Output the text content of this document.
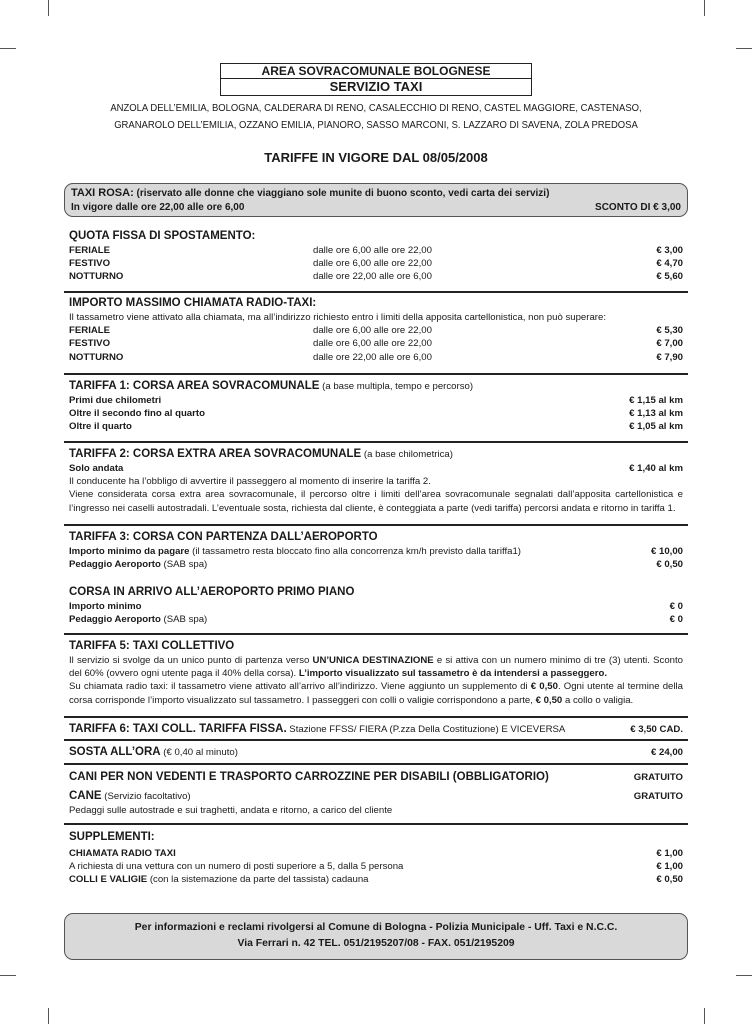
AREA SOVRACOMUNALE BOLOGNESE
SERVIZIO TAXI
ANZOLA DELL’EMILIA, BOLOGNA, CALDERARA DI RENO, CASALECCHIO DI RENO, CASTEL MAGGIORE, CASTENASO,
GRANAROLO DELL’EMILIA, OZZANO EMILIA, PIANORO, SASSO MARCONI, S. LAZZARO DI SAVENA, ZOLA PREDOSA
TARIFFE IN VIGORE DAL 08/05/2008
TAXI ROSA: (riservato alle donne che viaggiano sole munite di buono sconto, vedi carta dei servizi)
In vigore dalle ore 22,00 alle ore 6,00	SCONTO DI € 3,00
QUOTA FISSA DI SPOSTAMENTO:
FERIALE	dalle ore 6,00 alle ore 22,00	€ 3,00
FESTIVO	dalle ore 6,00 alle ore 22,00	€ 4,70
NOTTURNO	dalle ore 22,00 alle ore 6,00	€ 5,60
IMPORTO MASSIMO CHIAMATA RADIO-TAXI:
Il tassametro viene attivato alla chiamata, ma all’indirizzo richiesto entro i limiti della apposita cartellonistica, non può superare:
FERIALE	dalle ore 6,00 alle ore 22,00	€ 5,30
FESTIVO	dalle ore 6,00 alle ore 22,00	€ 7,00
NOTTURNO	dalle ore 22,00 alle ore 6,00	€ 7,90
TARIFFA 1: CORSA AREA SOVRACOMUNALE (a base multipla, tempo e percorso)
Primi due chilometri	€ 1,15 al km
Oltre il secondo fino al quarto	€ 1,13 al km
Oltre il quarto	€ 1,05 al km
TARIFFA 2: CORSA EXTRA AREA SOVRACOMUNALE (a base chilometrica)
Solo andata	€ 1,40 al km
Il conducente ha l’obbligo di avvertire il passeggero al momento di inserire la tariffa 2.
Viene considerata corsa extra area sovracomunale, il percorso oltre i limiti dell’area sovracomunale segnalati dall’apposita cartellonistica e l’ingresso nei caselli autostradali. L’eventuale sosta, richiesta dal cliente, è conteggiata a parte (vedi tariffa) percorsi andata e ritorno in tariffa 1.
TARIFFA 3: CORSA CON PARTENZA DALL’AEROPORTO
Importo minimo da pagare (il tassametro resta bloccato fino alla concorrenza km/h previsto dalla tariffa1)	€ 10,00
Pedaggio Aeroporto (SAB spa)	€ 0,50
CORSA IN ARRIVO ALL’AEROPORTO PRIMO PIANO
Importo minimo	€ 0
Pedaggio Aeroporto (SAB spa)	€ 0
TARIFFA 5: TAXI COLLETTIVO
Il servizio si svolge da un unico punto di partenza verso UN’UNICA DESTINAZIONE e si attiva con un numero minimo di tre (3) utenti. Sconto del 60% (ovvero ogni utente paga il 40% della corsa). L’importo visualizzato sul tassametro è da intendersi a passeggero.
Su chiamata radio taxi: il tassametro viene attivato all’arrivo all’indirizzo. Viene aggiunto un supplemento di € 0,50. Ogni utente al termine della corsa corrisponde l’importo visualizzato sul tassametro. I passeggeri con colli o valigie corrispondono a parte, € 0,50 a collo o valigia.
TARIFFA 6: TAXI COLL. TARIFFA FISSA. Stazione FFSS/ FIERA (P.zza Della Costituzione) E VICEVERSA	€ 3,50 CAD.
SOSTA ALL’ORA (€ 0,40 al minuto)	€ 24,00
CANI PER NON VEDENTI E TRASPORTO CARROZZINE PER DISABILI (OBBLIGATORIO)	GRATUITO
CANE (Servizio facoltativo)	GRATUITO
Pedaggi sulle autostrade e sui traghetti, andata e ritorno, a carico del cliente
SUPPLEMENTI:
CHIAMATA RADIO TAXI	€ 1,00
A richiesta di una vettura con un numero di posti superiore a 5, dalla 5 persona	€ 1,00
COLLI E VALIGIE (con la sistemazione da parte del tassista) cadauna	€ 0,50
Per informazioni e reclami rivolgersi al Comune di Bologna - Polizia Municipale - Uff. Taxi e N.C.C.
Via Ferrari n. 42 TEL. 051/2195207/08 - FAX. 051/2195209
